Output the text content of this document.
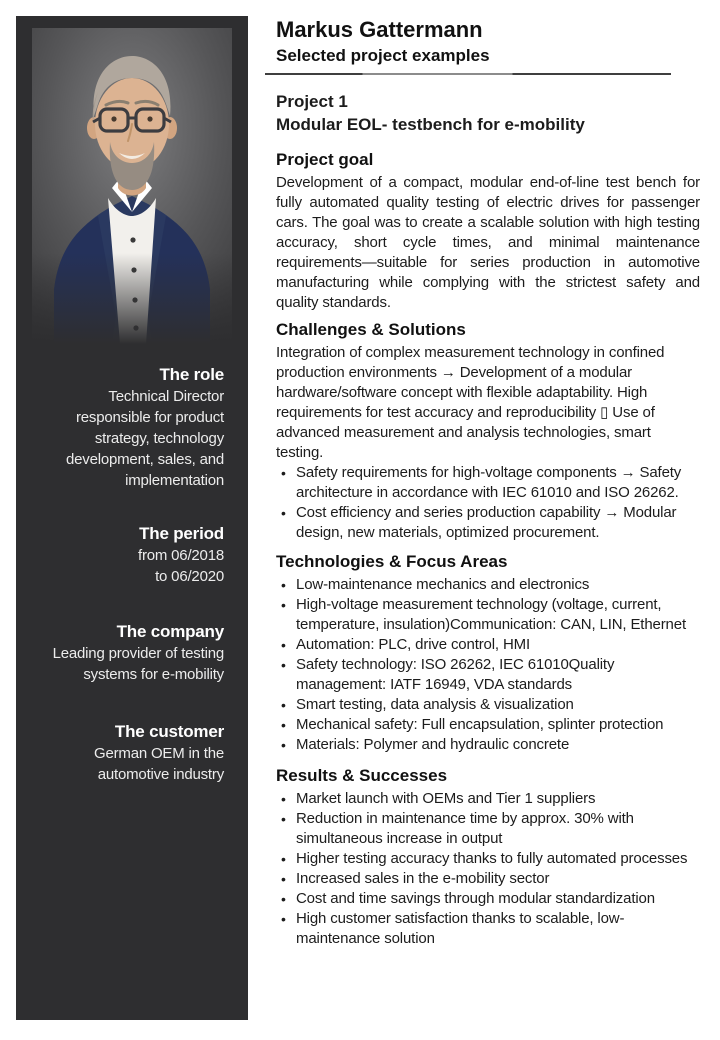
The role

Technical Director responsible for product strategy, technology development, sales, and implementation

The period

from 06/2018

to 06/2020

The company

Leading provider of testing systems for e-mobility

The customer

German OEM in the automotive industry

Markus Gattermann
Selected project examples

Project 1

Modular EOL- testbench for e-mobility

Project goal

Development of a compact, modular end-of-line test bench for fully automated quality testing of electric drives for passenger cars. The goal was to create a scalable solution with high testing accuracy, short cycle times, and minimal maintenance requirements—suitable for series production in automotive manufacturing while complying with the strictest safety and quality standards.

Challenges & Solutions

Integration of complex measurement technology in confined production environments → Development of a modular hardware/software concept with flexible adaptability. High requirements for test accuracy and reproducibility ▯ Use of advanced measurement and analysis technologies, smart testing.

• Safety requirements for high-voltage components → Safety architecture in accordance with IEC 61010 and ISO 26262.
• Cost efficiency and series production capability → Modular design, new materials, optimized procurement.
Technologies & Focus Areas
• Low-maintenance mechanics and electronics
• High-voltage measurement technology (voltage, current, temperature, insulation)Communication: CAN, LIN, Ethernet
• Automation: PLC, drive control, HMI
• Safety technology: ISO 26262, IEC 61010Quality management: IATF 16949, VDA standards
• Smart testing, data analysis & visualization
• Mechanical safety: Full encapsulation, splinter protection
• Materials: Polymer and hydraulic concrete
Results & Successes
• Market launch with OEMs and Tier 1 suppliers
• Reduction in maintenance time by approx. 30% with simultaneous increase in output
• Higher testing accuracy thanks to fully automated processes
• Increased sales in the e-mobility sector
• Cost and time savings through modular standardization
• High customer satisfaction thanks to scalable, low-maintenance solution
